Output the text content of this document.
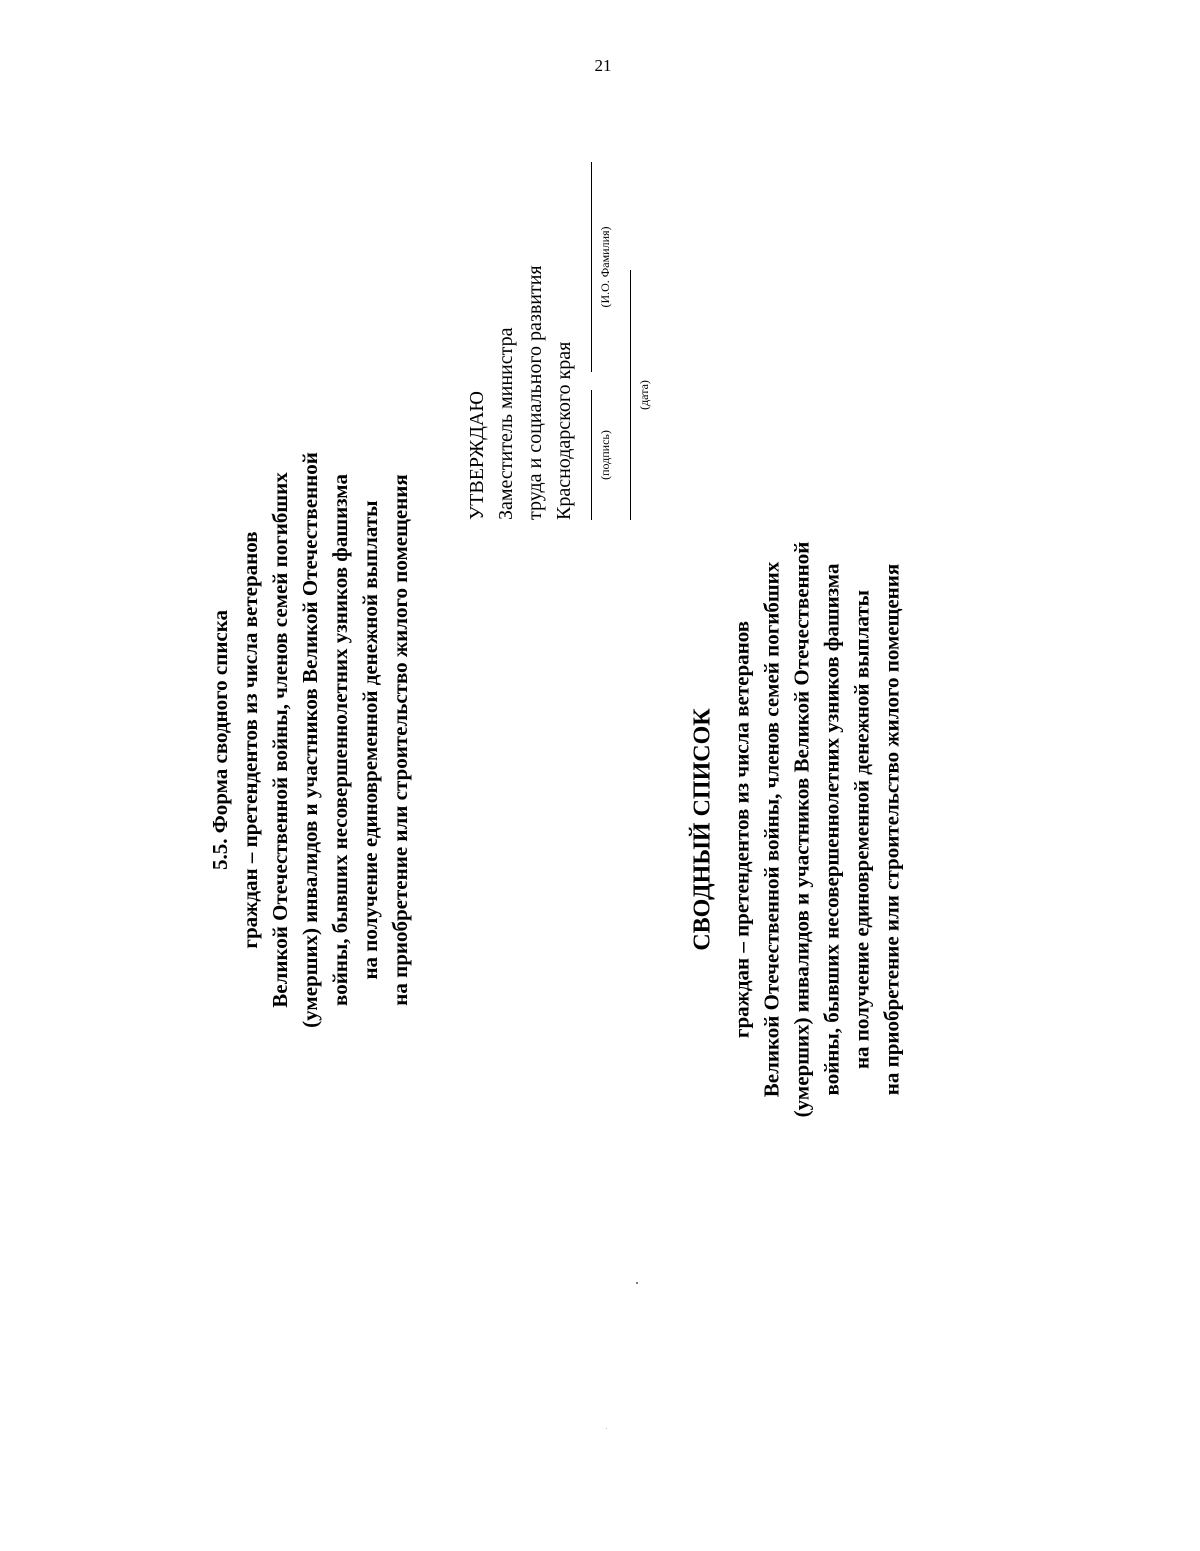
21
5.5. Форма сводного списка граждан – претендентов из числа ветеранов Великой Отечественной войны, членов семей погибших (умерших) инвалидов и участников Великой Отечественной войны, бывших несовершеннолетних узников фашизма на получение единовременной денежной выплаты на приобретение или строительство жилого помещения
УТВЕРЖДАЮ Заместитель министра труда и социального развития Краснодарского края	(подпись)
(И.О. Фамилия)
(дата)
СВОДНЫЙ СПИСОК граждан – претендентов из числа ветеранов Великой Отечественной войны, членов семей погибших (умерших) инвалидов и участников Великой Отечественной войны, бывших несовершеннолетних узников фашизма на получение единовременной денежной выплаты на приобретение или строительство жилого помещения
